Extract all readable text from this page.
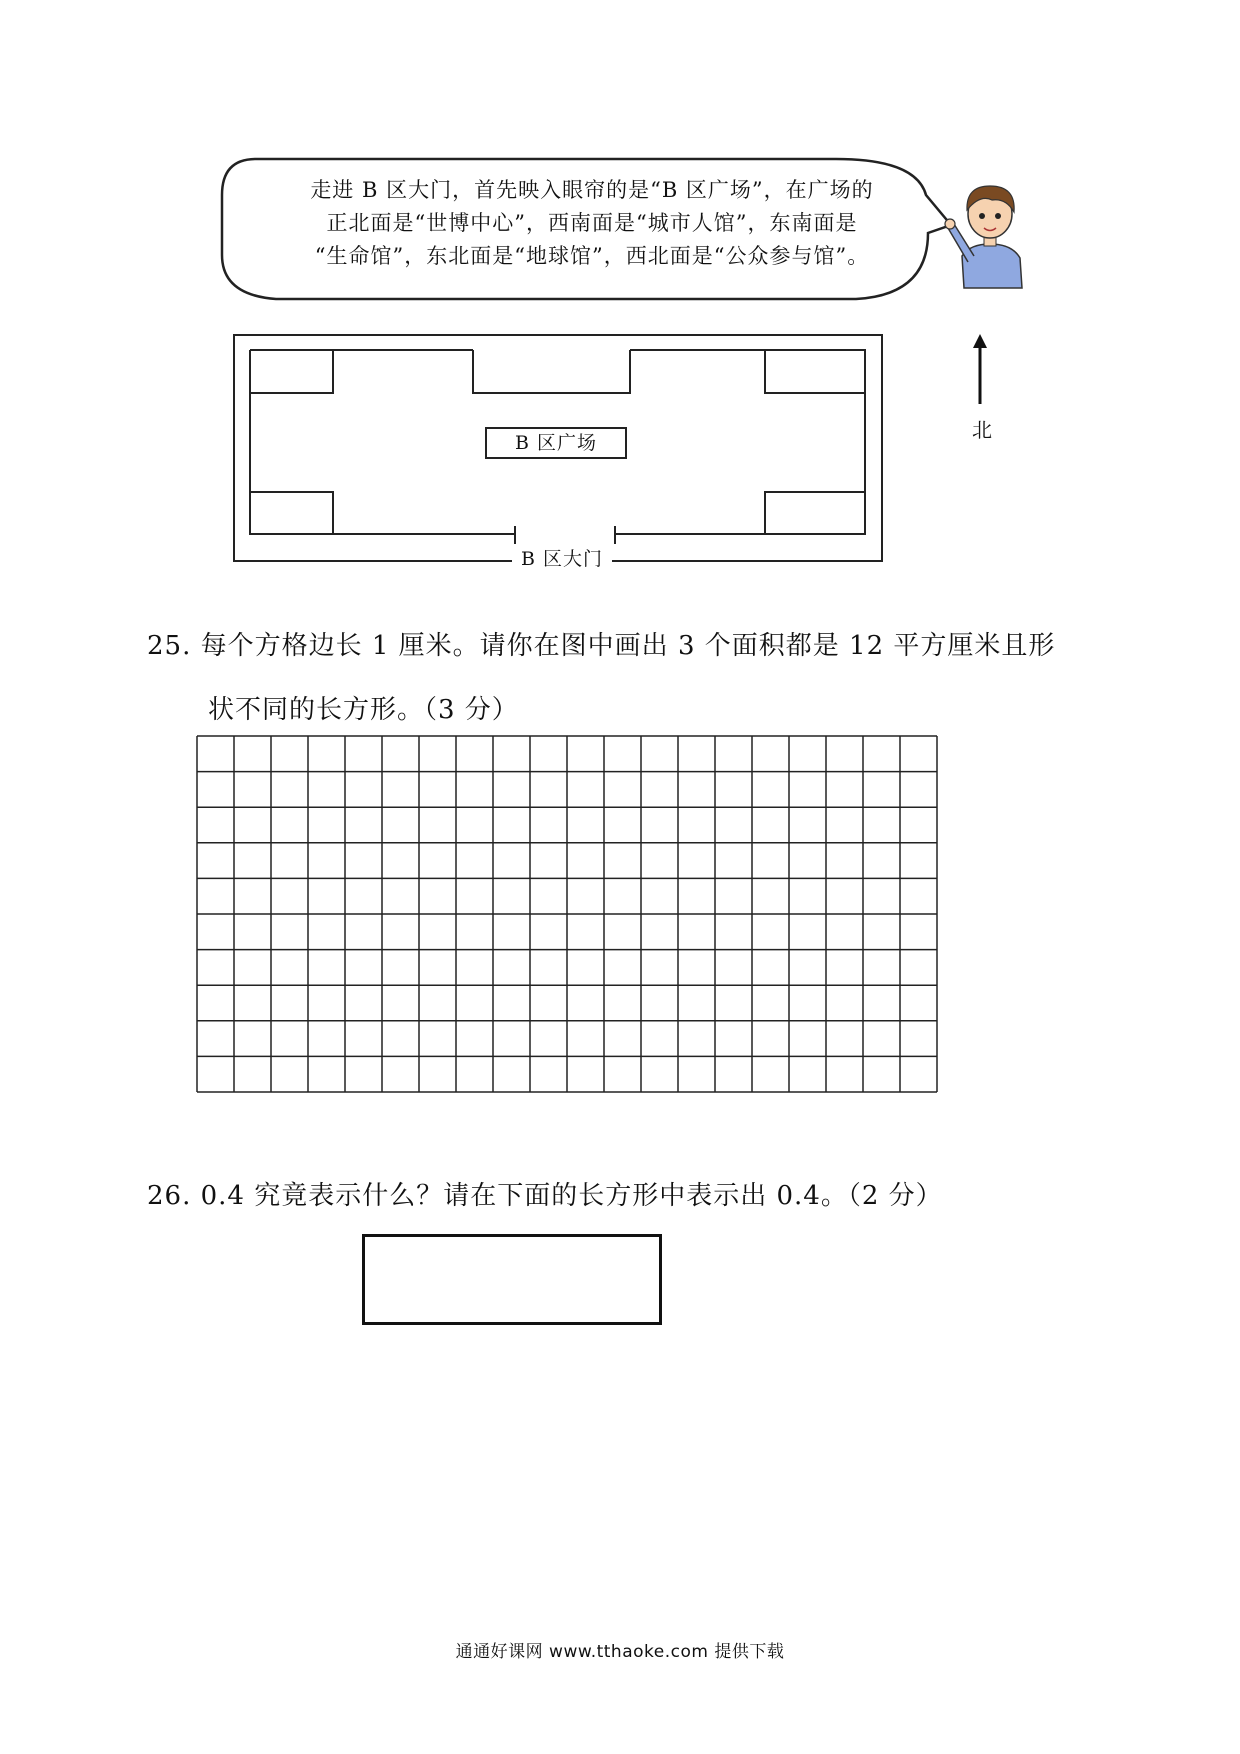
走进 B 区大门，首先映入眼帘的是“B 区广场”，在广场的
正北面是“世博中心”，西南面是“城市人馆”，东南面是
“生命馆”，东北面是“地球馆”，西北面是“公众参与馆”。
B 区广场
B 区大门
北
25. 每个方格边长 1 厘米。请你在图中画出 3 个面积都是 12 平方厘米且形
状不同的长方形。（3 分）
26. 0.4 究竟表示什么？请在下面的长方形中表示出 0.4。（2 分）
通通好课网 www.tthaoke.com 提供下载
